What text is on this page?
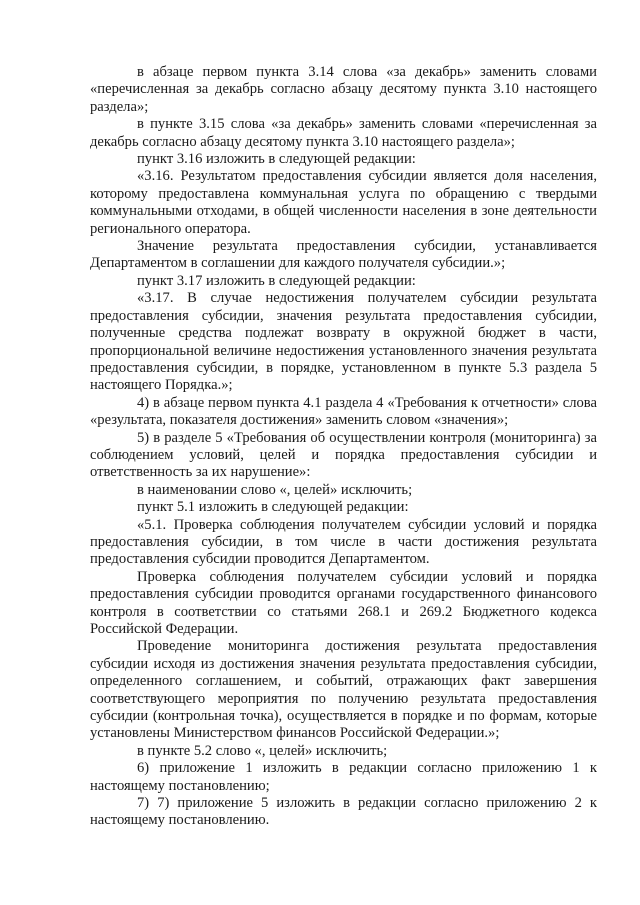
в абзаце первом пункта 3.14 слова «за декабрь» заменить словами «перечисленная за декабрь согласно абзацу десятому пункта 3.10 настоящего раздела»;

в пункте 3.15 слова «за декабрь» заменить словами «перечисленная за декабрь согласно абзацу десятому пункта 3.10 настоящего раздела»;

пункт 3.16 изложить в следующей редакции:

«3.16. Результатом предоставления субсидии является доля населения, которому предоставлена коммунальная услуга по обращению с твердыми коммунальными отходами, в общей численности населения в зоне деятельности регионального оператора.

Значение результата предоставления субсидии, устанавливается Департаментом в соглашении для каждого получателя субсидии.»;

пункт 3.17 изложить в следующей редакции:

«3.17. В случае недостижения получателем субсидии результата предоставления субсидии, значения результата предоставления субсидии, полученные средства подлежат возврату в окружной бюджет в части, пропорциональной величине недостижения установленного значения результата предоставления субсидии, в порядке, установленном в пункте 5.3 раздела 5 настоящего Порядка.»;

4) в абзаце первом пункта 4.1 раздела 4 «Требования к отчетности» слова «результата, показателя достижения» заменить словом «значения»;

5) в разделе 5 «Требования об осуществлении контроля (мониторинга) за соблюдением условий, целей и порядка предоставления субсидии и ответственность за их нарушение»:

в наименовании слово «, целей» исключить;

пункт 5.1 изложить в следующей редакции:

«5.1. Проверка соблюдения получателем субсидии условий и порядка предоставления субсидии, в том числе в части достижения результата предоставления субсидии проводится Департаментом.

Проверка соблюдения получателем субсидии условий и порядка предоставления субсидии проводится органами государственного финансового контроля в соответствии со статьями 268.1 и 269.2 Бюджетного кодекса Российской Федерации.

Проведение мониторинга достижения результата предоставления субсидии исходя из достижения значения результата предоставления субсидии, определенного соглашением, и событий, отражающих факт завершения соответствующего мероприятия по получению результата предоставления субсидии (контрольная точка), осуществляется в порядке и по формам, которые установлены Министерством финансов Российской Федерации.»;

в пункте 5.2 слово «, целей» исключить;

6) приложение 1 изложить в редакции согласно приложению 1 к настоящему постановлению;

7) 7) приложение 5 изложить в редакции согласно приложению 2 к настоящему постановлению.
